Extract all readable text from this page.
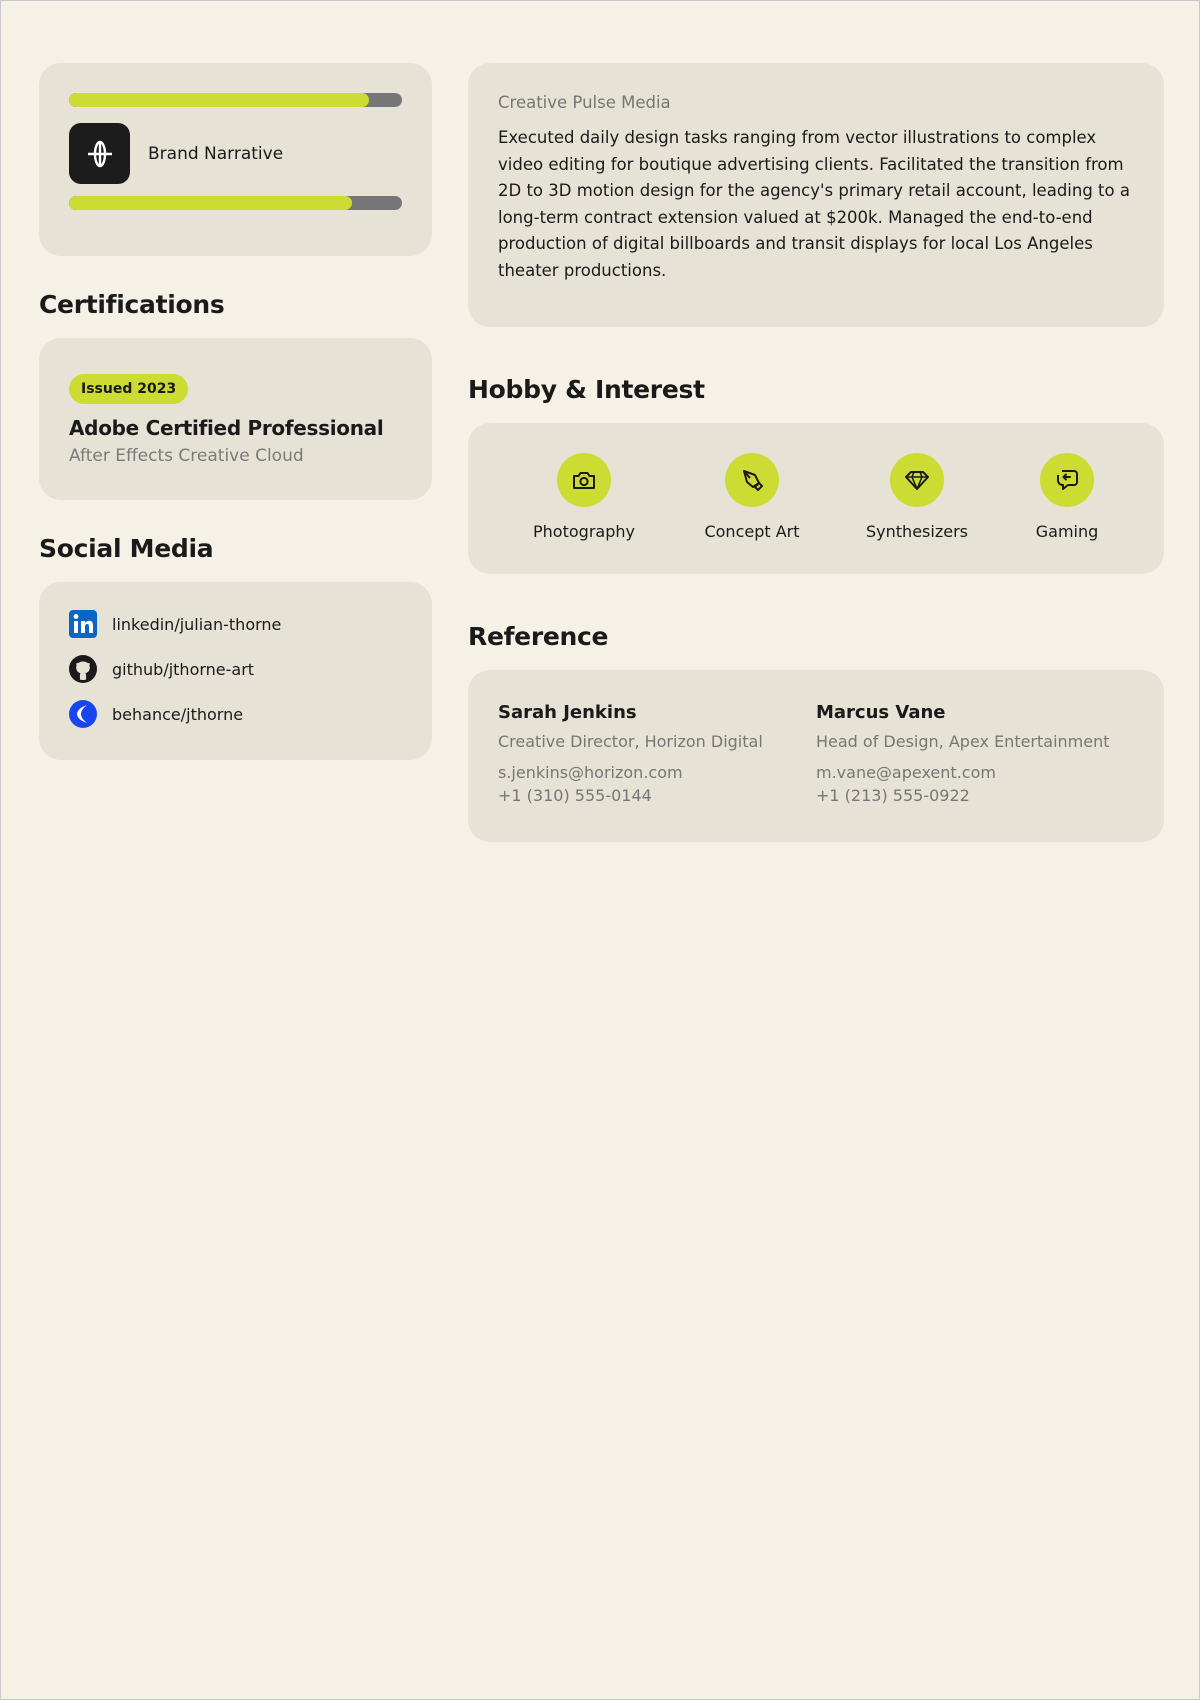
Brand Narrative
Certifications
Issued 2023
Adobe Certified Professional
After Effects Creative Cloud
Social Media
linkedin/julian-thorne
github/jthorne-art
behance/jthorne
Creative Pulse Media

Executed daily design tasks ranging from vector illustrations to complex video editing for boutique advertising clients. Facilitated the transition from 2D to 3D motion design for the agency's primary retail account, leading to a long-term contract extension valued at $200k. Managed the end-to-end production of digital billboards and transit displays for local Los Angeles theater productions.

Hobby & Interest
Photography	Concept Art	Synthesizers	Gaming
Reference
Sarah Jenkins
Creative Director, Horizon Digital
s.jenkins@horizon.com
+1 (310) 555-0144
Marcus Vane
Head of Design, Apex Entertainment
m.vane@apexent.com
+1 (213) 555-0922
